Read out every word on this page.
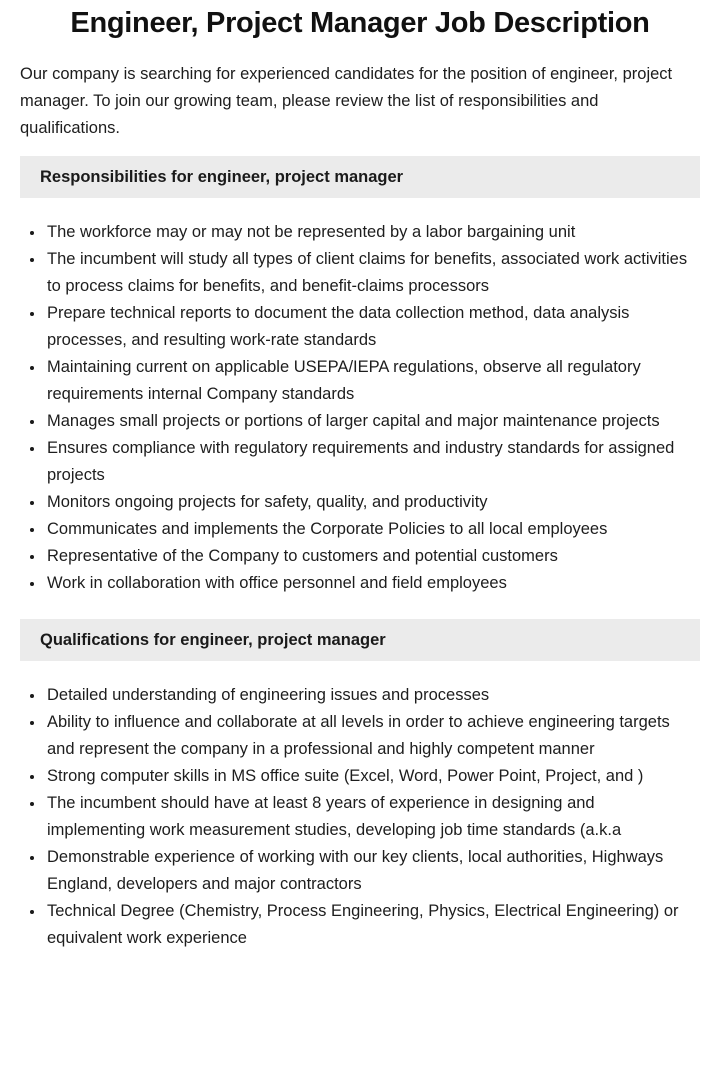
Engineer, Project Manager Job Description

Our company is searching for experienced candidates for the position of engineer, project manager. To join our growing team, please review the list of responsibilities and qualifications.

Responsibilities for engineer, project manager
• The workforce may or may not be represented by a labor bargaining unit
• The incumbent will study all types of client claims for benefits, associated work activities to process claims for benefits, and benefit-claims processors
• Prepare technical reports to document the data collection method, data analysis processes, and resulting work-rate standards
• Maintaining current on applicable USEPA/IEPA regulations, observe all regulatory requirements internal Company standards
• Manages small projects or portions of larger capital and major maintenance projects
• Ensures compliance with regulatory requirements and industry standards for assigned projects
• Monitors ongoing projects for safety, quality, and productivity
• Communicates and implements the Corporate Policies to all local employees
• Representative of the Company to customers and potential customers
• Work in collaboration with office personnel and field employees
Qualifications for engineer, project manager
• Detailed understanding of engineering issues and processes
• Ability to influence and collaborate at all levels in order to achieve engineering targets and represent the company in a professional and highly competent manner
• Strong computer skills in MS office suite (Excel, Word, Power Point, Project, and )
• The incumbent should have at least 8 years of experience in designing and implementing work measurement studies, developing job time standards (a.k.a
• Demonstrable experience of working with our key clients, local authorities, Highways England, developers and major contractors
• Technical Degree (Chemistry, Process Engineering, Physics, Electrical Engineering) or equivalent work experience
